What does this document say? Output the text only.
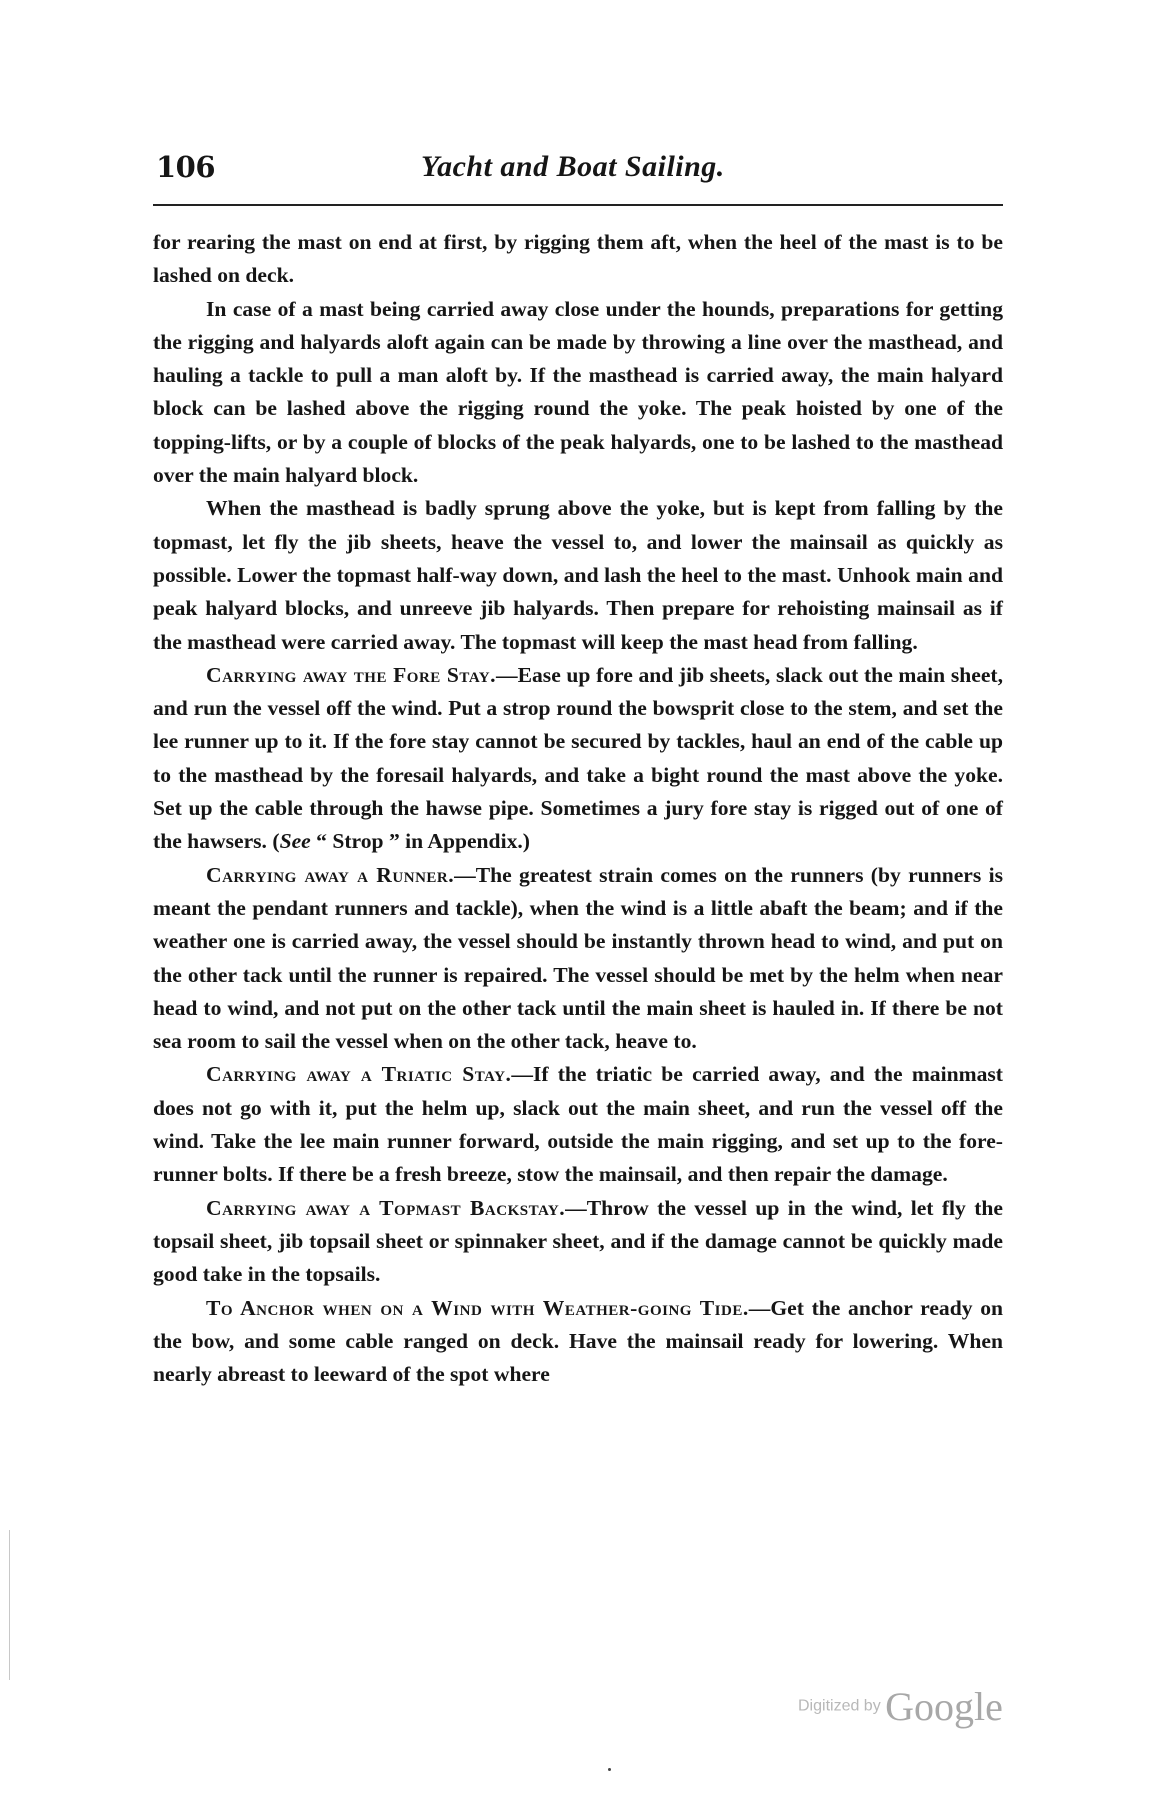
106	Yacht and Boat Sailing.

for rearing the mast on end at first, by rigging them aft, when the heel of the mast is to be lashed on deck.

In case of a mast being carried away close under the hounds, preparations for getting the rigging and halyards aloft again can be made by throwing a line over the masthead, and hauling a tackle to pull a man aloft by. If the masthead is carried away, the main halyard block can be lashed above the rigging round the yoke. The peak hoisted by one of the topping-lifts, or by a couple of blocks of the peak halyards, one to be lashed to the masthead over the main halyard block.

When the masthead is badly sprung above the yoke, but is kept from falling by the topmast, let fly the jib sheets, heave the vessel to, and lower the mainsail as quickly as possible. Lower the topmast half-way down, and lash the heel to the mast. Unhook main and peak halyard blocks, and unreeve jib halyards. Then prepare for rehoisting mainsail as if the masthead were carried away. The topmast will keep the mast head from falling.

Carrying away the Fore Stay.—Ease up fore and jib sheets, slack out the main sheet, and run the vessel off the wind. Put a strop round the bowsprit close to the stem, and set the lee runner up to it. If the fore stay cannot be secured by tackles, haul an end of the cable up to the masthead by the foresail halyards, and take a bight round the mast above the yoke. Set up the cable through the hawse pipe. Sometimes a jury fore stay is rigged out of one of the hawsers. (See “ Strop ” in Appendix.)

Carrying away a Runner.—The greatest strain comes on the runners (by runners is meant the pendant runners and tackle), when the wind is a little abaft the beam; and if the weather one is carried away, the vessel should be instantly thrown head to wind, and put on the other tack until the runner is repaired. The vessel should be met by the helm when near head to wind, and not put on the other tack until the main sheet is hauled in. If there be not sea room to sail the vessel when on the other tack, heave to.

Carrying away a Triatic Stay.—If the triatic be carried away, and the mainmast does not go with it, put the helm up, slack out the main sheet, and run the vessel off the wind. Take the lee main runner forward, outside the main rigging, and set up to the fore-runner bolts. If there be a fresh breeze, stow the mainsail, and then repair the damage.

Carrying away a Topmast Backstay.—Throw the vessel up in the wind, let fly the topsail sheet, jib topsail sheet or spinnaker sheet, and if the damage cannot be quickly made good take in the topsails.

To Anchor when on a Wind with Weather-going Tide.—Get the anchor ready on the bow, and some cable ranged on deck. Have the mainsail ready for lowering. When nearly abreast to leeward of the spot where

Digitized by Google
